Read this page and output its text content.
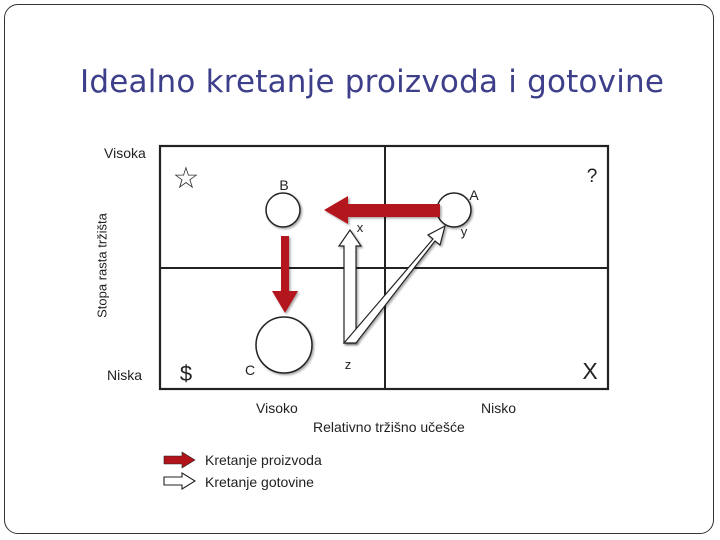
Idealno kretanje proizvoda i gotovine
Visoka
Niska
Stopa rasta tržišta
Visoko	Nisko
Relativno tržišno učešće
☆	?
$	X
B
A
C
x	y
z
Kretanje proizvoda
Kretanje gotovine
